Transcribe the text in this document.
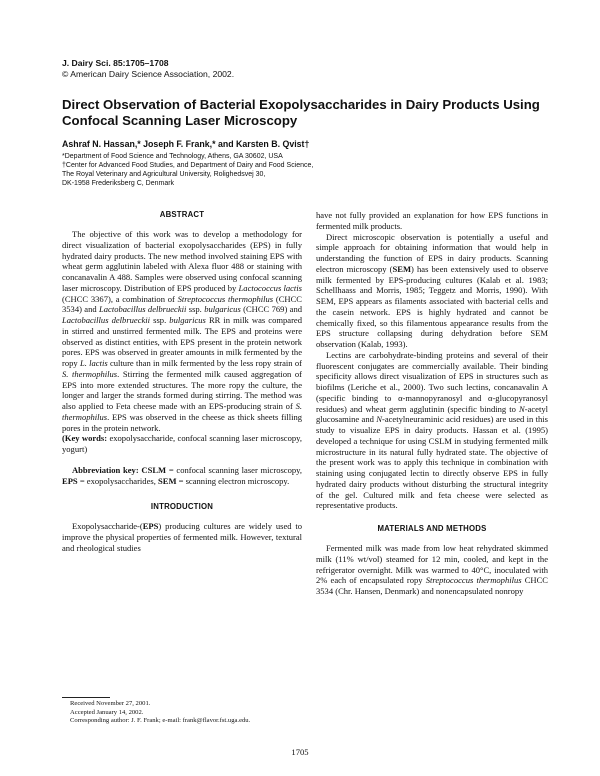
J. Dairy Sci. 85:1705–1708
© American Dairy Science Association, 2002.
Direct Observation of Bacterial Exopolysaccharides in Dairy Products Using Confocal Scanning Laser Microscopy
Ashraf N. Hassan,* Joseph F. Frank,* and Karsten B. Qvist†
*Department of Food Science and Technology, Athens, GA 30602, USA
†Center for Advanced Food Studies, and Department of Dairy and Food Science,
The Royal Veterinary and Agricultural University, Rolighedsvej 30,
DK-1958 Frederiksberg C, Denmark
ABSTRACT

The objective of this work was to develop a methodology for direct visualization of bacterial exopolysaccharides (EPS) in fully hydrated dairy products. The new method involved staining EPS with wheat germ agglutinin labeled with Alexa fluor 488 or staining with concanavalin A 488. Samples were observed using confocal scanning laser microscopy. Distribution of EPS produced by Lactococcus lactis (CHCC 3367), a combination of Streptococcus thermophilus (CHCC 3534) and Lactobacillus delbrueckii ssp. bulgaricus (CHCC 769) and Lactobacillus delbrueckii ssp. bulgaricus RR in milk was compared in stirred and unstirred fermented milk. The EPS and proteins were observed as distinct entities, with EPS present in the protein network pores. EPS was observed in greater amounts in milk fermented by the ropy L. lactis culture than in milk fermented by the less ropy strain of S. thermophilus. Stirring the fermented milk caused aggregation of EPS into more extended structures. The more ropy the culture, the longer and larger the strands formed during stirring. The method was also applied to Feta cheese made with an EPS-producing strain of S. thermophilus. EPS was observed in the cheese as thick sheets filling pores in the protein network.

(Key words: exopolysaccharide, confocal scanning laser microscopy, yogurt)

Abbreviation key: CSLM = confocal scanning laser microscopy, EPS = exopolysaccharides, SEM = scanning electron microscopy.

INTRODUCTION

Exopolysaccharide-(EPS) producing cultures are widely used to improve the physical properties of fermented milk. However, textural and rheological studies

Received November 27, 2001.
Accepted January 14, 2002.
Corresponding author: J. F. Frank; e-mail: frank@flavor.fst.uga.edu.

have not fully provided an explanation for how EPS functions in fermented milk products.

Direct microscopic observation is potentially a useful and simple approach for obtaining information that would help in understanding the function of EPS in dairy products. Scanning electron microscopy (SEM) has been extensively used to observe milk fermented by EPS-producing cultures (Kalab et al. 1983; Schellhaass and Morris, 1985; Teggetz and Morris, 1990). With SEM, EPS appears as filaments associated with bacterial cells and the casein network. EPS is highly hydrated and cannot be chemically fixed, so this filamentous appearance results from the EPS structure collapsing during dehydration before SEM observation (Kalab, 1993).

Lectins are carbohydrate-binding proteins and several of their fluorescent conjugates are commercially available. Their binding specificity allows direct visualization of EPS in structures such as biofilms (Leriche et al., 2000). Two such lectins, concanavalin A (specific binding to α-mannopyranosyl and α-glucopyranosyl residues) and wheat germ agglutinin (specific binding to N-acetyl glucosamine and N-acetylneuraminic acid residues) are used in this study to visualize EPS in dairy products. Hassan et al. (1995) developed a technique for using CSLM in studying fermented milk microstructure in its natural fully hydrated state. The objective of the present work was to apply this technique in combination with staining using conjugated lectin to directly observe EPS in fully hydrated dairy products without disturbing the structural integrity of the gel. Cultured milk and feta cheese were selected as representative products.

MATERIALS AND METHODS

Fermented milk was made from low heat rehydrated skimmed milk (11% wt/vol) steamed for 12 min, cooled, and kept in the refrigerator overnight. Milk was warmed to 40°C, inoculated with 2% each of encapsulated ropy Streptococcus thermophilus CHCC 3534 (Chr. Hansen, Denmark) and nonencapsulated nonropy

1705
